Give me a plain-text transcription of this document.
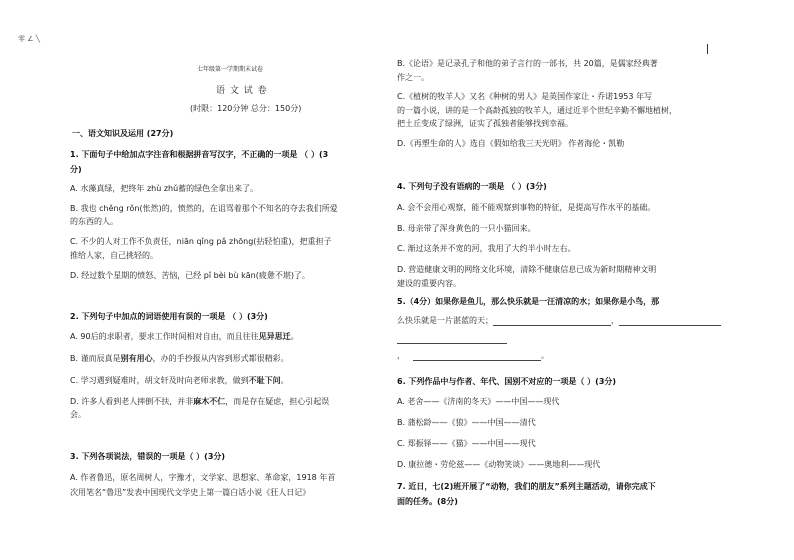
零 ∠ ╲
七年级第一学期期末试卷
语 文 试 卷
(时限：120分钟 总分：150分)
一、语文知识及运用 (27分)
1. 下面句子中给加点字注音和根据拼音写汉字，不正确的一项是 （ ）(3
分)
A. 水藻真绿，把终年 zhù zhǔ蓄的绿色全拿出来了。
B. 我也 chěng rǒn(怅然)的，愤然的，在诅骂着那个不知名的夺去我们所爱
的东西的人。
C. 不少的人对工作不负责任，niān qǐng pǎ zhōng(拈轻怕重)，把重担子
推给人家，自己挑轻的。
D. 经过数个星期的愤怒、苦恼，已经 pǐ bèi bù kān(疲惫不堪)了。
2. 下列句子中加点的词语使用有误的一项是 （ ）(3分)
A. 90后的求职者，要求工作时间相对自由，而且往往见异思迁。
B. 谨而辰真是别有用心，办的手抄报从内容到形式都很精彩。
C. 学习遇到疑难时，胡文轩及时向老师求教，做到不耻下问。
D. 许多人看到老人摔倒不扶，并非麻木不仁，而是存在疑虑，担心引起误
会。
3. 下列各项说法，错误的一项是（ ）(3分)
A. 作者鲁迅，原名周树人，字豫才，文学家、思想家、革命家，1918 年首
次用笔名“鲁迅”发表中国现代文学史上第一篇白话小说《狂人日记》
B.《论语》是记录孔子和他的弟子言行的一部书，共 20篇，是儒家经典著
作之一。
C.《植树的牧羊人》又名《种树的男人》是英国作家让・乔诺1953 年写
的一篇小说，讲的是一个高龄孤独的牧羊人，通过近半个世纪辛勤不懈地植树，
把土丘变成了绿洲，证实了孤独者能够找到幸福。
D.《再塑生命的人》选自《假如给我三天光明》 作者海伦・凯勒
4. 下列句子没有语病的一项是 （ ）(3分)
A. 会不会用心观察，能不能观察到事物的特征，是提高写作水平的基础。
B. 母亲带了浑身黄色的一只小猫回来。
C. 渐过这条并不宽的河，我用了大约半小时左右。
D. 营造健康文明的网络文化环境，清除不健康信息已成为新时期精神文明
建设的重要内容。
5.（4分）如果你是鱼儿，那么快乐就是一汪清凉的水；如果你是小鸟，那
么快乐就是一片湛蓝的天；	，
，	。
6. 下列作品中与作者、年代、国别不对应的一项是（ ）(3分)
A. 老舍——《济南的冬天》——中国——现代
B. 蒲松龄——《狼》——中国——清代
C. 郑振铎——《猫》——中国——现代
D. 康拉德・劳伦兹——《动物笑谈》——奥地利——现代
7. 近日，七(2)班开展了“动物，我们的朋友”系列主题活动，请你完成下
面的任务。(8分)
